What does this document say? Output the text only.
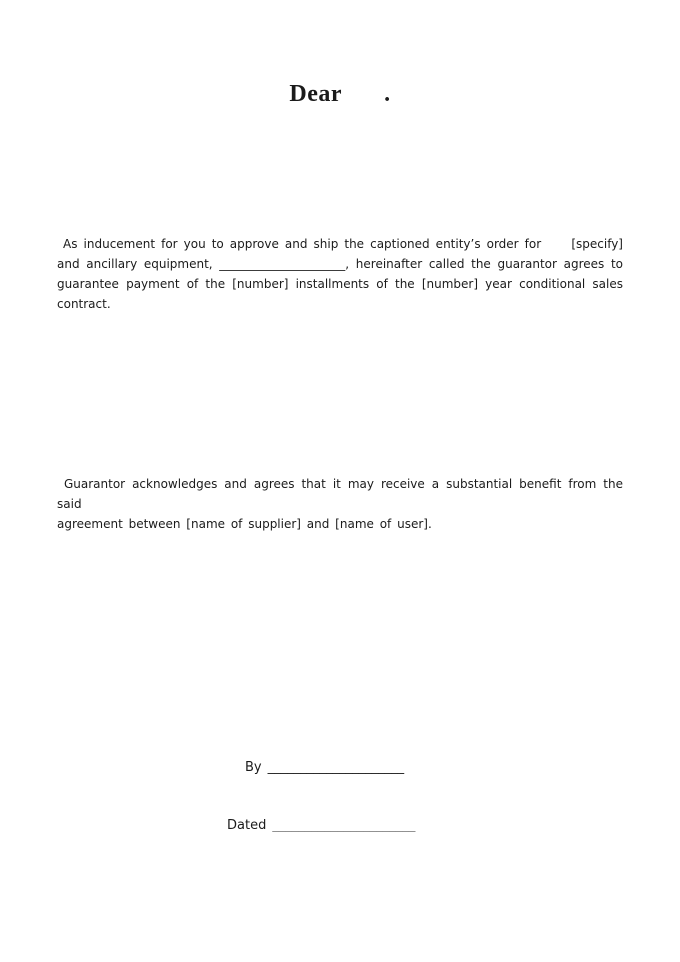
Dear .
As inducement for you to approve and ship the captioned entity’s order for     [specify]
and ancillary equipment, _____________________, hereinafter called the guarantor agrees to
guarantee payment of the [number] installments of the [number] year conditional sales
contract.
Guarantor acknowledges and agrees that it may receive a substantial benefit from the said
agreement between [name of supplier] and [name of user].
By _____________________
Dated ______________________
